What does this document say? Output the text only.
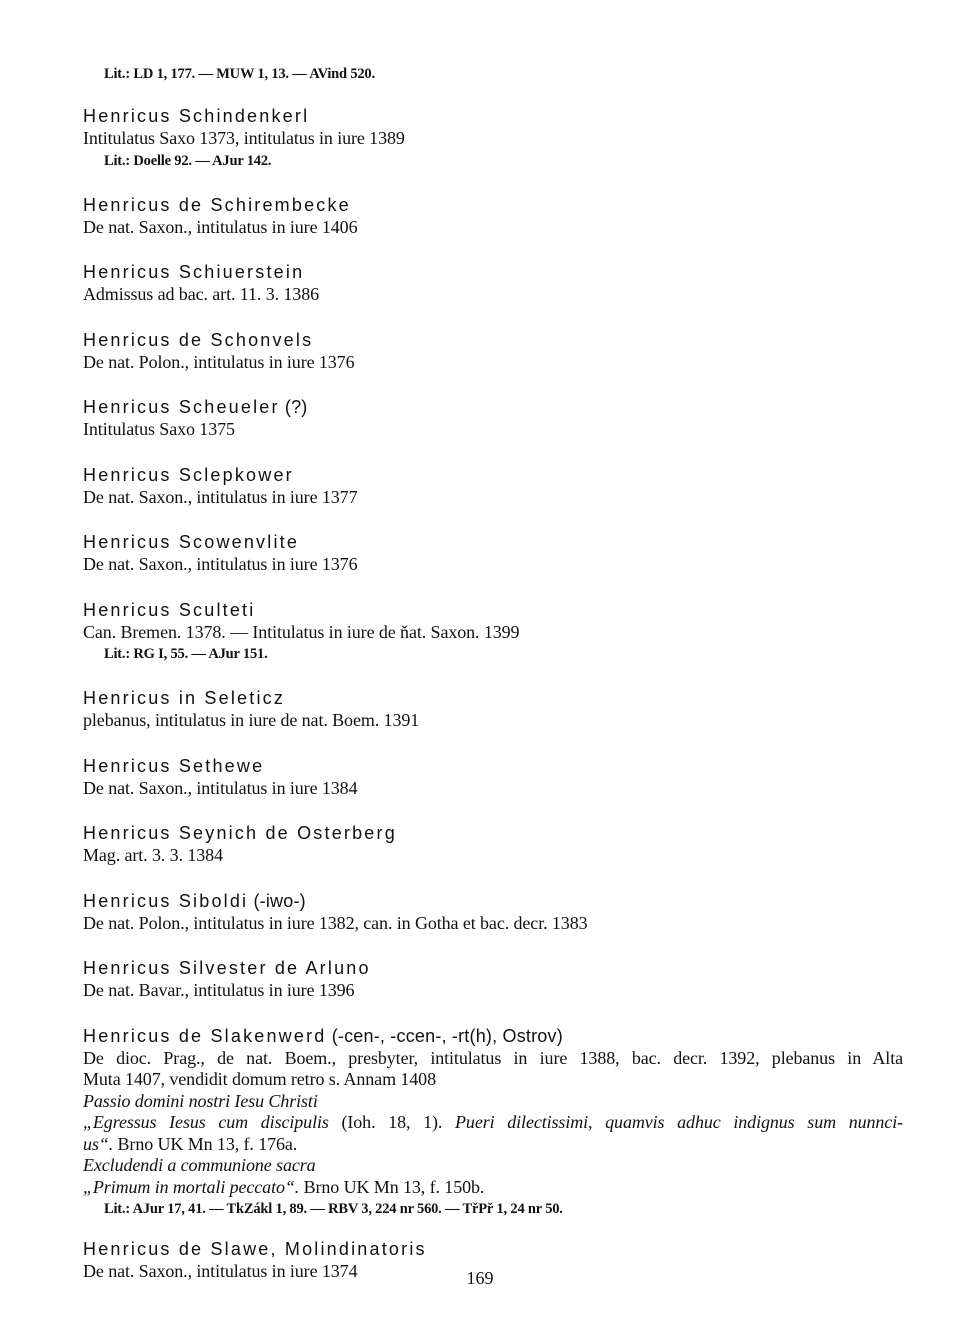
Lit.: LD 1, 177. — MUW 1, 13. — AVind 520.
Henricus Schindenkerl
Intitulatus Saxo 1373, intitulatus in iure 1389
Lit.: Doelle 92. — AJur 142.
Henricus de Schirembecke
De nat. Saxon., intitulatus in iure 1406
Henricus Schiuerstein
Admissus ad bac. art. 11. 3. 1386
Henricus de Schonvels
De nat. Polon., intitulatus in iure 1376
Henricus Scheueler (?)
Intitulatus Saxo 1375
Henricus Sclepkower
De nat. Saxon., intitulatus in iure 1377
Henricus Scowenvlite
De nat. Saxon., intitulatus in iure 1376
Henricus Sculteti
Can. Bremen. 1378. — Intitulatus in iure de ňat. Saxon. 1399
Lit.: RG I, 55. — AJur 151.
Henricus in Seleticz
plebanus, intitulatus in iure de nat. Boem. 1391
Henricus Sethewe
De nat. Saxon., intitulatus in iure 1384
Henricus Seynich de Osterberg
Mag. art. 3. 3. 1384
Henricus Siboldi (-iwo-)
De nat. Polon., intitulatus in iure 1382, can. in Gotha et bac. decr. 1383
Henricus Silvester de Arluno
De nat. Bavar., intitulatus in iure 1396
Henricus de Slakenwerd (-cen-, -ccen-, -rt(h), Ostrov)
De dioc. Prag., de nat. Boem., presbyter, intitulatus in iure 1388, bac. decr. 1392, plebanus in Alta
Muta 1407, vendidit domum retro s. Annam 1408
Passio domini nostri Iesu Christi
„Egressus Iesus cum discipulis (Ioh. 18, 1). Pueri dilectissimi, quamvis adhuc indignus sum nunnci-
us“. Brno UK Mn 13, f. 176a.
Excludendi a communione sacra
„Primum in mortali peccato“. Brno UK Mn 13, f. 150b.
Lit.: AJur 17, 41. — TkZákl 1, 89. — RBV 3, 224 nr 560. — TřPř 1, 24 nr 50.
Henricus de Slawe, Molindinatoris
De nat. Saxon., intitulatus in iure 1374	169
